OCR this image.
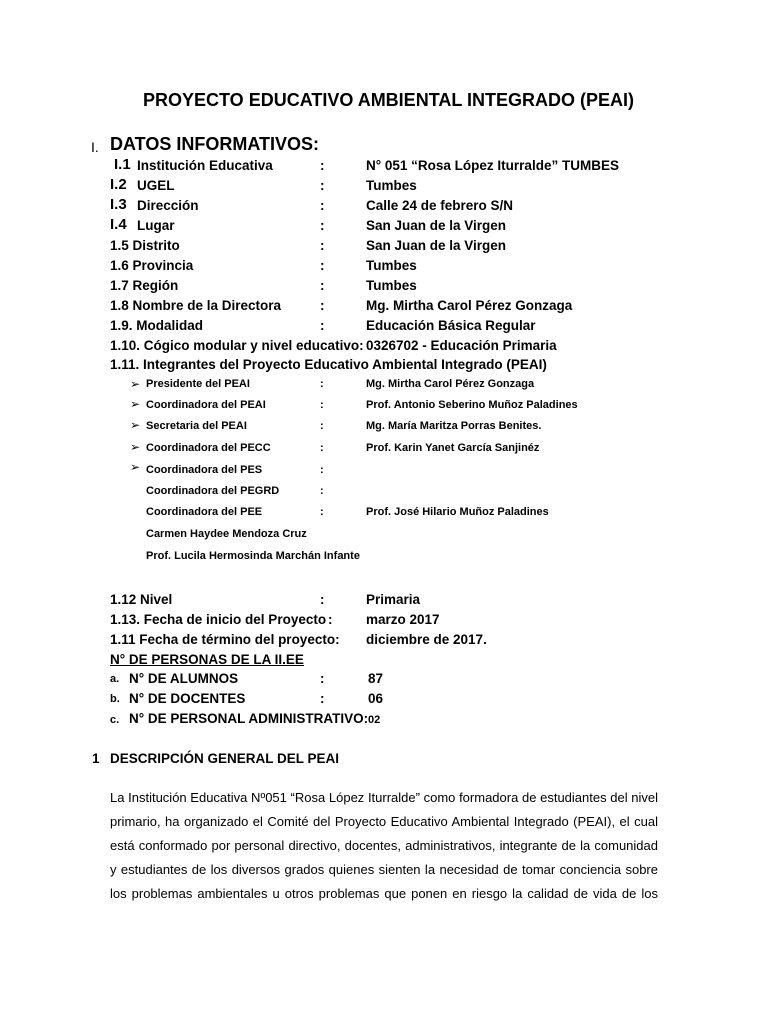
PROYECTO EDUCATIVO AMBIENTAL INTEGRADO (PEAI)
I. DATOS INFORMATIVOS:
I.1 Institución Educativa	:	N° 051 “Rosa López Iturralde” TUMBES
I.2 UGEL	:	Tumbes
I.3 Dirección	:	Calle 24 de febrero S/N
I.4 Lugar	:	San Juan de la Virgen
1.5 Distrito	:	San Juan de la Virgen
1.6 Provincia	:	Tumbes
1.7 Región	:	Tumbes
1.8 Nombre de la Directora	:	Mg. Mirtha Carol Pérez Gonzaga
1.9. Modalidad	:	Educación Básica Regular
1.10. Cógico modular y nivel educativo: 0326702 - Educación Primaria
1.11. Integrantes del Proyecto Educativo Ambiental Integrado (PEAI)
➢ Presidente del PEAI	:	Mg. Mirtha Carol Pérez Gonzaga
➢ Coordinadora del PEAI	:	Prof. Antonio Seberino Muñoz Paladines
➢ Secretaria del PEAI	:	Mg. María Maritza Porras Benites.
➢ Coordinadora del PECC	:	Prof. Karin Yanet García Sanjinéz
➢ Coordinadora del PES	:
Coordinadora del PEGRD	:
Coordinadora del PEE	:	Prof. José Hilario Muñoz Paladines
Carmen Haydee Mendoza Cruz
Prof. Lucila Hermosinda Marchán Infante
1.12 Nivel	:	Primaria
1.13. Fecha de inicio del Proyecto : marzo 2017
1.11 Fecha de término del proyecto: diciembre de 2017.
N° DE PERSONAS DE LA II.EE
a. N° DE ALUMNOS	:	87
b. N° DE DOCENTES	:	06
c. N° DE PERSONAL ADMINISTRATIVO: 02
1 DESCRIPCIÓN GENERAL DEL PEAI
La Institución Educativa Nº051 “Rosa López Iturralde” como formadora de estudiantes del nivel
primario, ha organizado el Comité del Proyecto Educativo Ambiental Integrado (PEAI), el cual
está conformado por personal directivo, docentes, administrativos, integrante de la comunidad
y estudiantes de los diversos grados quienes sienten la necesidad de tomar conciencia sobre
los problemas ambientales u otros problemas que ponen en riesgo la calidad de vida de los
